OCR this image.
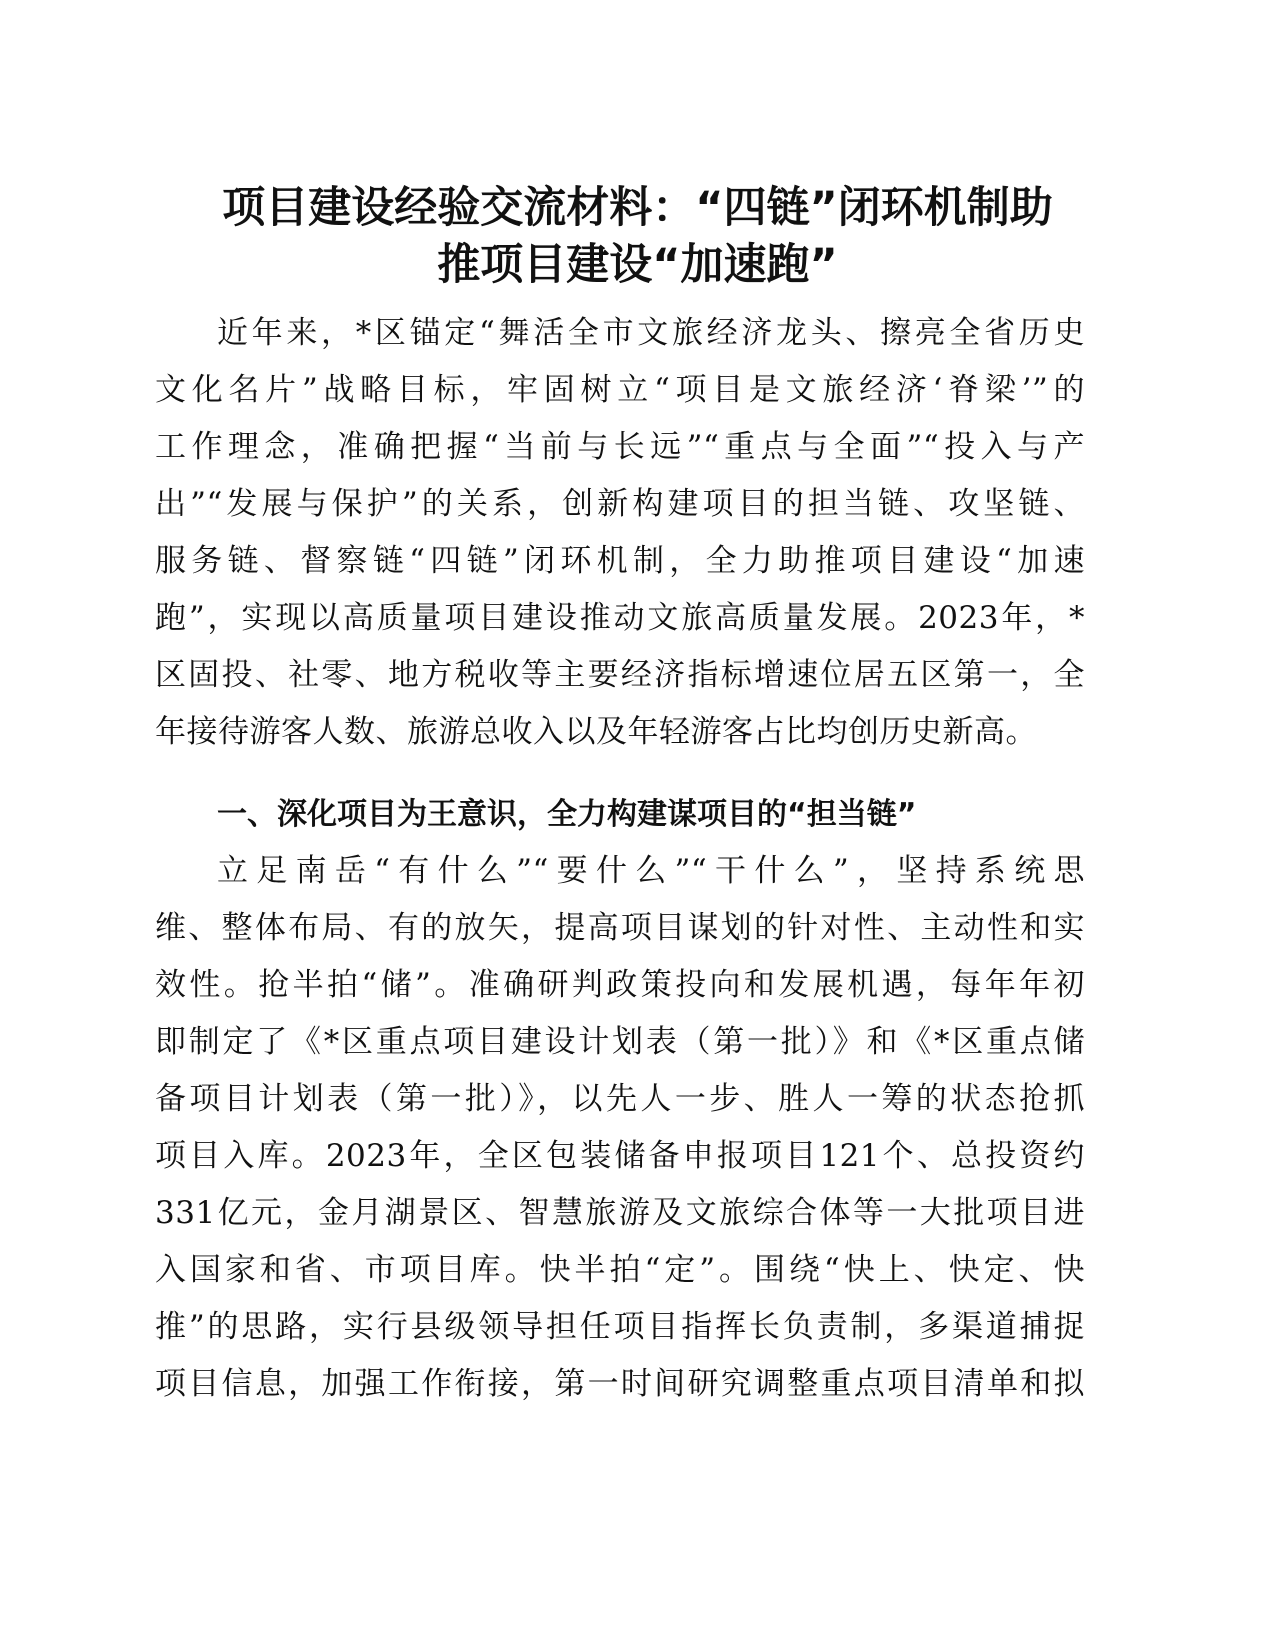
项目建设经验交流材料：“四链”闭环机制助
推项目建设“加速跑”
近年来，*区锚定“舞活全市文旅经济龙头、擦亮全省历史
文化名片”战略目标，牢固树立“项目是文旅经济‘脊梁’”的
工作理念，准确把握“当前与长远”“重点与全面”“投入与产
出”“发展与保护”的关系，创新构建项目的担当链、攻坚链、
服务链、督察链“四链”闭环机制，全力助推项目建设“加速
跑”，实现以高质量项目建设推动文旅高质量发展。2023年，*
区固投、社零、地方税收等主要经济指标增速位居五区第一，全
年接待游客人数、旅游总收入以及年轻游客占比均创历史新高。
一、深化项目为王意识，全力构建谋项目的“担当链”
立足南岳“有什么”“要什么”“干什么”，坚持系统思
维、整体布局、有的放矢，提高项目谋划的针对性、主动性和实
效性。抢半拍“储”。准确研判政策投向和发展机遇，每年年初
即制定了《*区重点项目建设计划表（第一批）》和《*区重点储
备项目计划表（第一批）》，以先人一步、胜人一筹的状态抢抓
项目入库。2023年，全区包装储备申报项目121个、总投资约
331亿元，金月湖景区、智慧旅游及文旅综合体等一大批项目进
入国家和省、市项目库。快半拍“定”。围绕“快上、快定、快
推”的思路，实行县级领导担任项目指挥长负责制，多渠道捕捉
项目信息，加强工作衔接，第一时间研究调整重点项目清单和拟
